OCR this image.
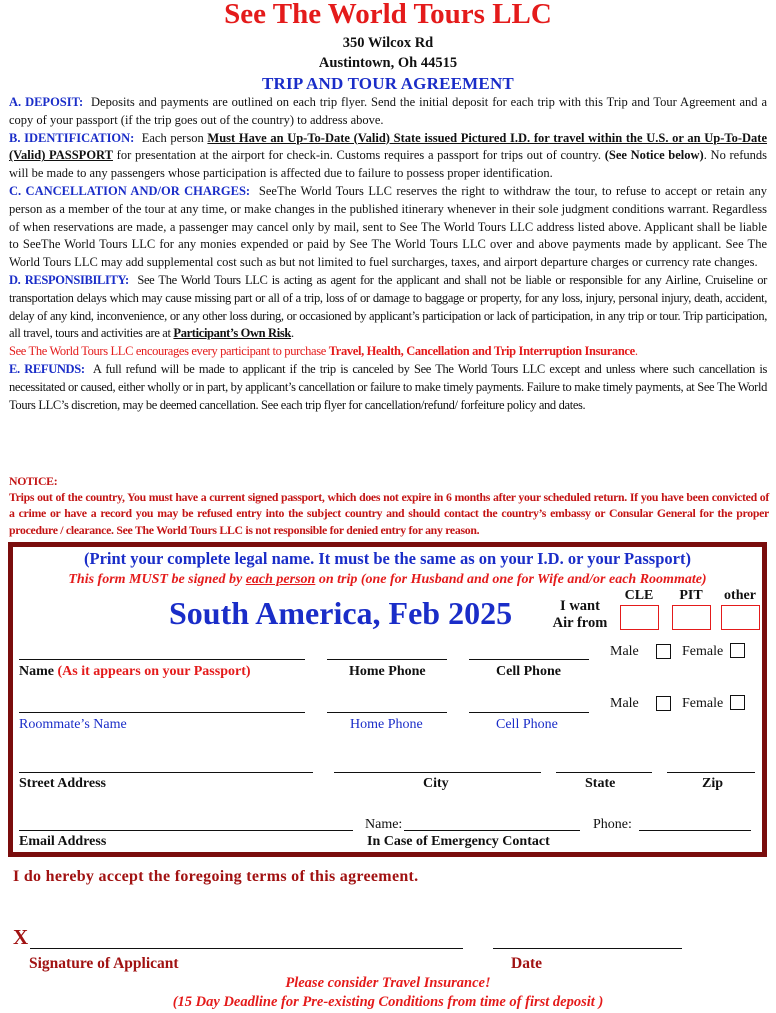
See The World Tours LLC
350 Wilcox Rd
Austintown, Oh 44515
TRIP AND TOUR AGREEMENT

A. DEPOSIT: Deposits and payments are outlined on each trip flyer. Send the initial deposit for each trip with this Trip and Tour Agreement and a copy of your passport (if the trip goes out of the country) to address above.

B. IDENTIFICATION: Each person Must Have an Up-To-Date (Valid) State issued Pictured I.D. for travel within the U.S. or an Up-To-Date (Valid) PASSPORT for presentation at the airport for check-in. Customs requires a passport for trips out of country. (See Notice below). No refunds will be made to any passengers whose participation is affected due to failure to possess proper identification.

C. CANCELLATION AND/OR CHARGES: SeeThe World Tours LLC reserves the right to withdraw the tour, to refuse to accept or retain any person as a member of the tour at any time, or make changes in the published itinerary whenever in their sole judgment conditions warrant. Regardless of when reservations are made, a passenger may cancel only by mail, sent to See The World Tours LLC address listed above. Applicant shall be liable to SeeThe World Tours LLC for any monies expended or paid by See The World Tours LLC over and above payments made by applicant. See The World Tours LLC may add supplemental cost such as but not limited to fuel surcharges, taxes, and airport departure charges or currency rate changes.

D. RESPONSIBILITY: See The World Tours LLC is acting as agent for the applicant and shall not be liable or responsible for any Airline, Cruiseline or transportation delays which may cause missing part or all of a trip, loss of or damage to baggage or property, for any loss, injury, personal injury, death, accident, delay of any kind, inconvenience, or any other loss during, or occasioned by applicant’s participation or lack of participation, in any trip or tour. Trip participation, all travel, tours and activities are at Participant’s Own Risk.

See The World Tours LLC encourages every participant to purchase Travel, Health, Cancellation and Trip Interruption Insurance.

E. REFUNDS: A full refund will be made to applicant if the trip is canceled by See The World Tours LLC except and unless where such cancellation is necessitated or caused, either wholly or in part, by applicant’s cancellation or failure to make timely payments. Failure to make timely payments, at See The World Tours LLC’s discretion, may be deemed cancellation. See each trip flyer for cancellation/refund/ forfeiture policy and dates.

NOTICE:
Trips out of the country, You must have a current signed passport, which does not expire in 6 months after your scheduled return. If you have been convicted of a crime or have a record you may be refused entry into the subject country and should contact the country’s embassy or Consular General for the proper procedure / clearance. See The World Tours LLC is not responsible for denied entry for any reason.
(Print your complete legal name. It must be the same as on your I.D. or your Passport)
This form MUST be signed by each person on trip (one for Husband and one for Wife and/or each Roommate)
South America, Feb 2025	I want
Air from
CLE	PIT	other
Male	Female
Name (As it appears on your Passport)	Home Phone	Cell Phone
Male	Female
Roommate’s Name	Home Phone	Cell Phone
Street Address	City	State	Zip
Name:	Phone:
Email Address	In Case of Emergency Contact
I do hereby accept the foregoing terms of this agreement.
X
Signature of Applicant	Date
Please consider Travel Insurance!
(15 Day Deadline for Pre-existing Conditions from time of first deposit )
